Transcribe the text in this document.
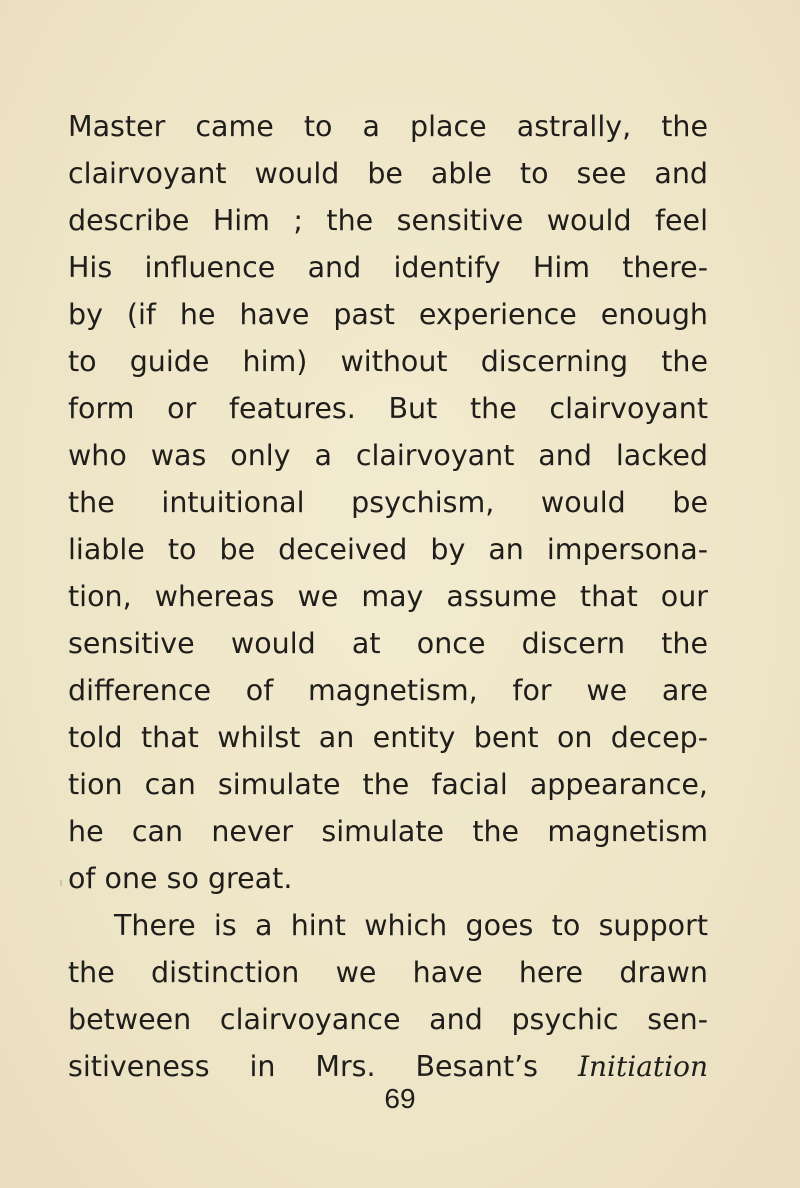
Master came to a place astrally, the
clairvoyant would be able to see and
describe Him ; the sensitive would feel
His influence and identify Him there-
by (if he have past experience enough
to guide him) without discerning the
form or features. But the clairvoyant
who was only a clairvoyant and lacked
the intuitional psychism, would be
liable to be deceived by an impersona-
tion, whereas we may assume that our
sensitive would at once discern the
difference of magnetism, for we are
told that whilst an entity bent on decep-
tion can simulate the facial appearance,
he can never simulate the magnetism
of one so great.
There is a hint which goes to support
the distinction we have here drawn
between clairvoyance and psychic sen-
sitiveness in Mrs. Besant’s Initiation
69
